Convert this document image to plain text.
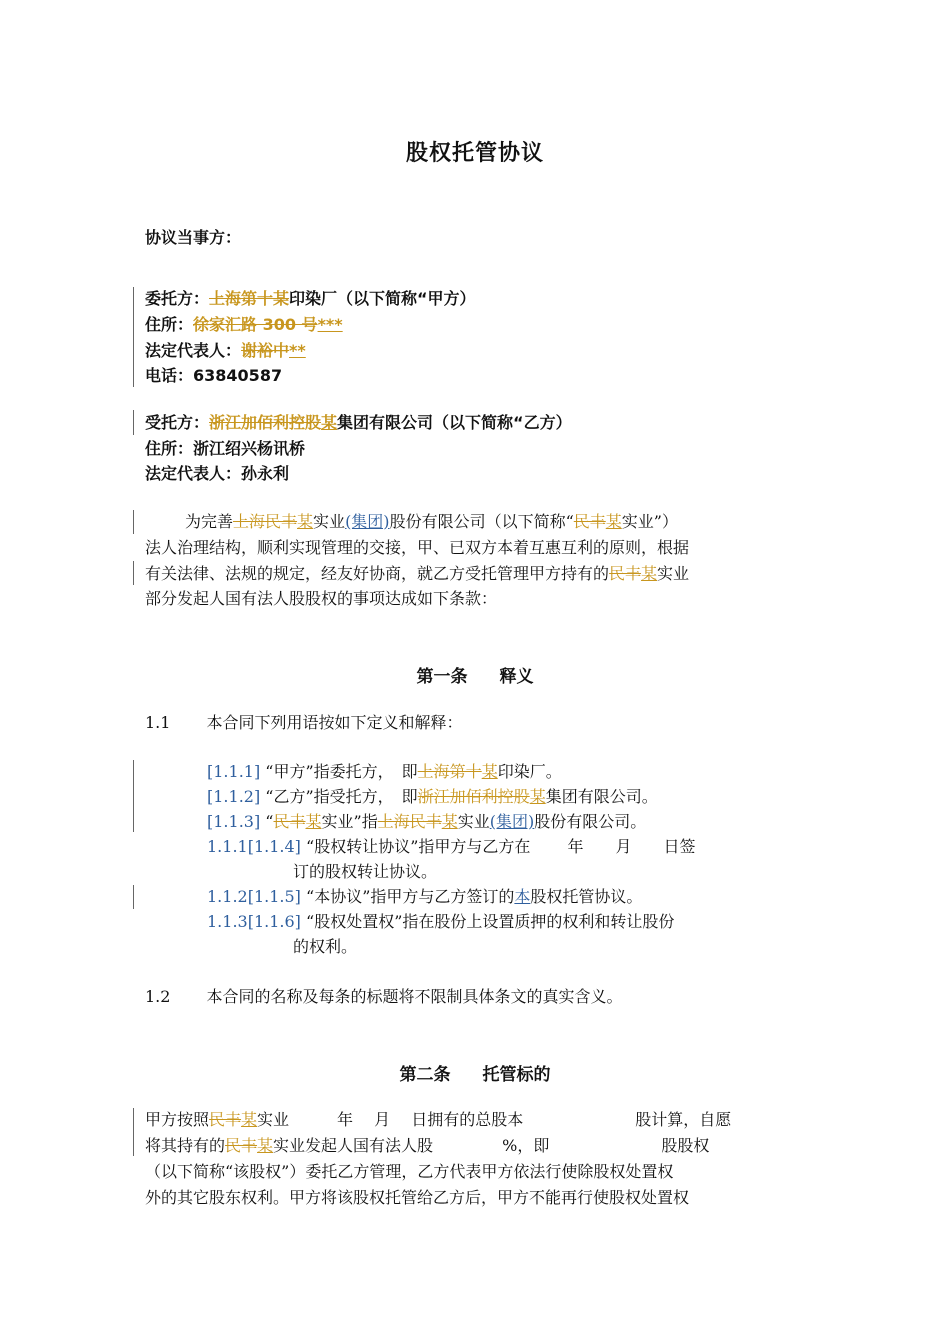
股权托管协议
协议当事方：
委托方：上海第十某印染厂（以下简称“甲方）
住所：徐家汇路 300 号***
法定代表人：谢裕中**
电话：63840587
受托方：浙江加佰利控股某集团有限公司（以下简称“乙方）
住所：浙江绍兴杨讯桥
法定代表人：孙永利
为完善上海民丰某实业(集团)股份有限公司（以下简称“民丰某实业”）
法人治理结构，顺利实现管理的交接，甲、已双方本着互惠互利的原则，根据
有关法律、法规的规定，经友好协商，就乙方受托管理甲方持有的民丰某实业
部分发起人国有法人股股权的事项达成如下条款：
第一条 释义
1.1 本合同下列用语按如下定义和解释：
[1.1.1] “甲方”指委托方，　即上海第十某印染厂。
[1.1.2] “乙方”指受托方，　即浙江加佰利控股某集团有限公司。
[1.1.3] “民丰某实业”指上海民丰某实业(集团)股份有限公司。
1.1.1[1.1.4] “股权转让协议”指甲方与乙方在　　 年　　月　　日签
订的股权转让协议。
1.1.2[1.1.5] “本协议”指甲方与乙方签订的本股权托管协议。
1.1.3[1.1.6] “股权处置权”指在股份上设置质押的权利和转让股份
的权利。
1.2 本合同的名称及每条的标题将不限制具体条文的真实含义。
第二条 托管标的
甲方按照民丰某实业　　　年　 月　 日拥有的总股本　　　　　　　股计算，自愿
将其持有的民丰某实业发起人国有法人股　　　　 %，即　　　　　　　股股权
（以下简称“该股权”）委托乙方管理，乙方代表甲方依法行使除股权处置权
外的其它股东权利。甲方将该股权托管给乙方后，甲方不能再行使股权处置权
